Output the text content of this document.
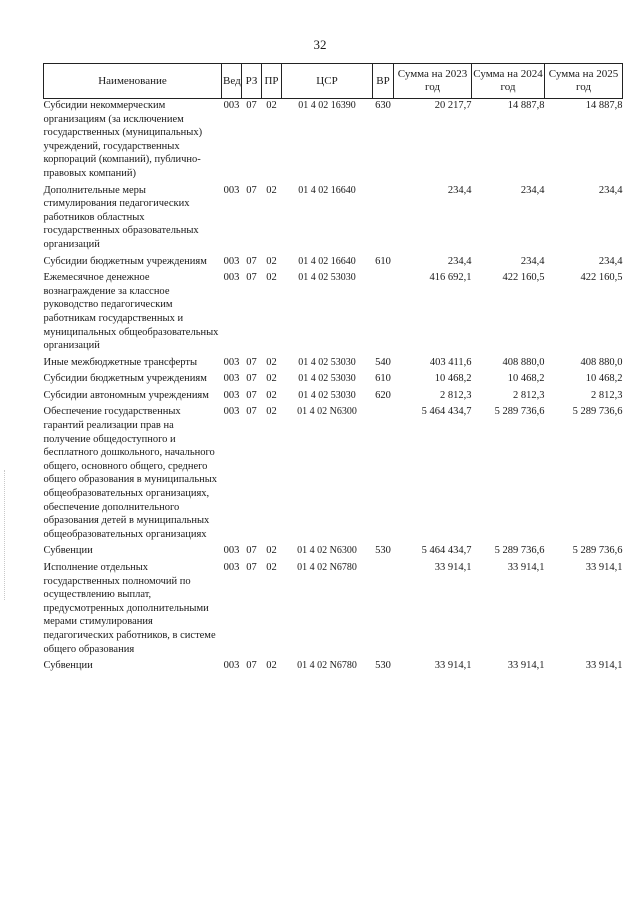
32
Наименование	Вед	РЗ	ПР	ЦСР	ВР	Сумма на 2023 год	Сумма на 2024 год	Сумма на 2025 год
Субсидии некоммерческим организациям (за исключением государственных (муниципальных) учреждений, государственных корпораций (компаний), публично-правовых компаний)	003	07	02	01 4 02 16390	630	20 217,7	14 887,8	14 887,8
Дополнительные меры стимулирования педагогических работников областных государственных образовательных организаций	003	07	02	01 4 02 16640		234,4	234,4	234,4
Субсидии бюджетным учреждениям	003	07	02	01 4 02 16640	610	234,4	234,4	234,4
Ежемесячное денежное вознаграждение за классное руководство педагогическим работникам государственных и муниципальных общеобразовательных организаций	003	07	02	01 4 02 53030		416 692,1	422 160,5	422 160,5
Иные межбюджетные трансферты	003	07	02	01 4 02 53030	540	403 411,6	408 880,0	408 880,0
Субсидии бюджетным учреждениям	003	07	02	01 4 02 53030	610	10 468,2	10 468,2	10 468,2
Субсидии автономным учреждениям	003	07	02	01 4 02 53030	620	2 812,3	2 812,3	2 812,3
Обеспечение государственных гарантий реализации прав на получение общедоступного и бесплатного дошкольного, начального общего, основного общего, среднего общего образования в муниципальных общеобразовательных организациях, обеспечение дополнительного образования детей в муниципальных общеобразовательных организациях	003	07	02	01 4 02 N6300		5 464 434,7	5 289 736,6	5 289 736,6
Субвенции	003	07	02	01 4 02 N6300	530	5 464 434,7	5 289 736,6	5 289 736,6
Исполнение отдельных государственных полномочий по осуществлению выплат, предусмотренных дополнительными мерами стимулирования педагогических работников, в системе общего образования	003	07	02	01 4 02 N6780		33 914,1	33 914,1	33 914,1
Субвенции	003	07	02	01 4 02 N6780	530	33 914,1	33 914,1	33 914,1
